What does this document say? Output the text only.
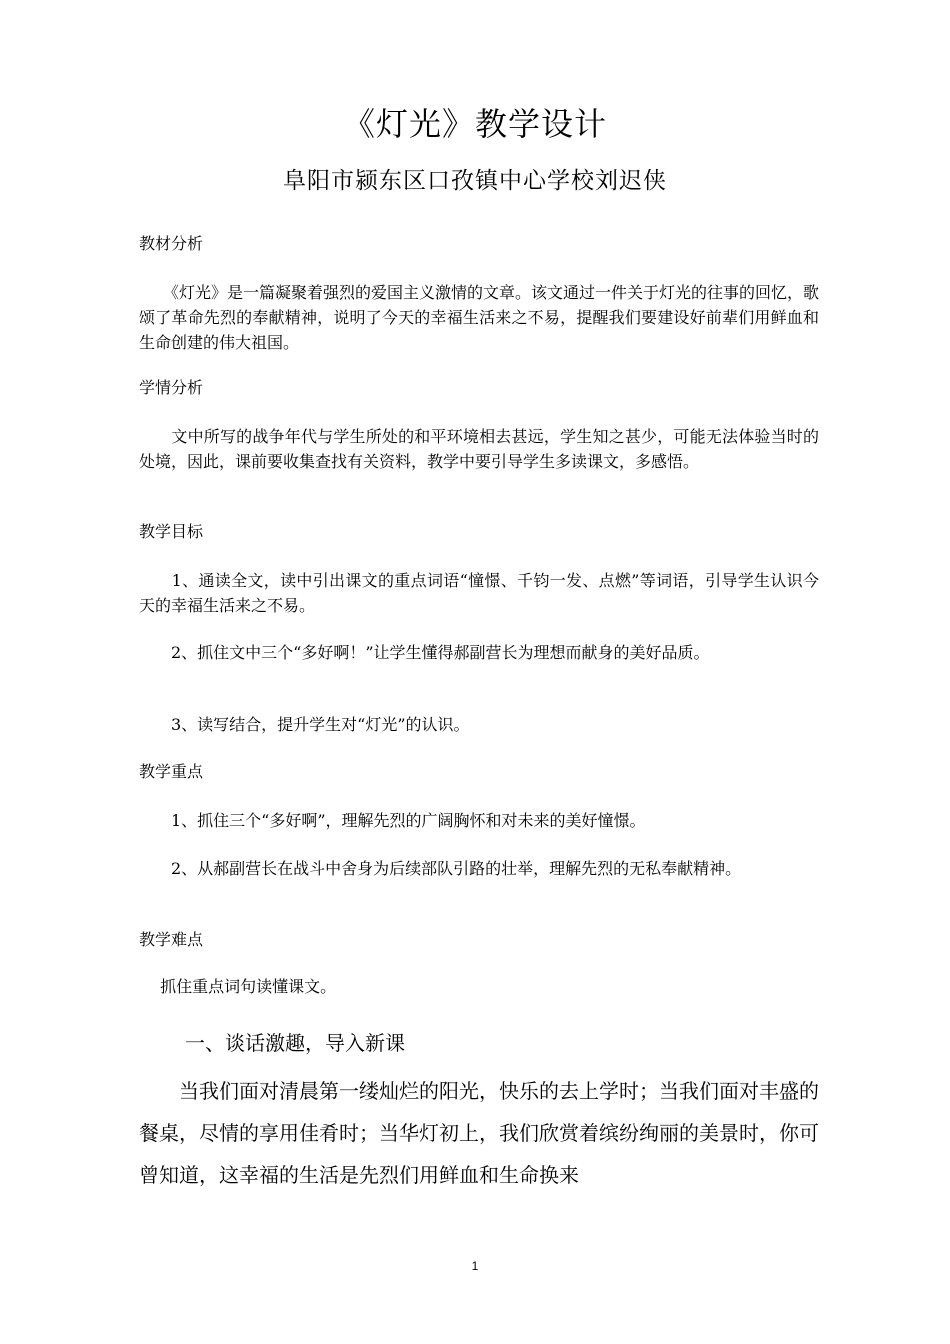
《灯光》教学设计
阜阳市颍东区口孜镇中心学校刘迟侠
教材分析
　　《灯光》是一篇凝聚着强烈的爱国主义激情的文章。该文通过一件关于灯光的往事的回忆，歌颂了革命先烈的奉献精神，说明了今天的幸福生活来之不易，提醒我们要建设好前辈们用鲜血和生命创建的伟大祖国。
学情分析
　　文中所写的战争年代与学生所处的和平环境相去甚远，学生知之甚少，可能无法体验当时的处境，因此，课前要收集查找有关资料，教学中要引导学生多读课文，多感悟。
教学目标
　　1、通读全文，读中引出课文的重点词语“憧憬、千钧一发、点燃”等词语，引导学生认识今天的幸福生活来之不易。
　　2、抓住文中三个“多好啊！”让学生懂得郝副营长为理想而献身的美好品质。
　　3、读写结合，提升学生对“灯光”的认识。
教学重点
　　1、抓住三个“多好啊”，理解先烈的广阔胸怀和对未来的美好憧憬。
　　2、从郝副营长在战斗中舍身为后续部队引路的壮举，理解先烈的无私奉献精神。
教学难点
　 抓住重点词句读懂课文。
一、谈话激趣，导入新课
　　当我们面对清晨第一缕灿烂的阳光，快乐的去上学时；当我们面对丰盛的餐桌，尽情的享用佳肴时；当华灯初上，我们欣赏着缤纷绚丽的美景时，你可曾知道，这幸福的生活是先烈们用鲜血和生命换来
1
